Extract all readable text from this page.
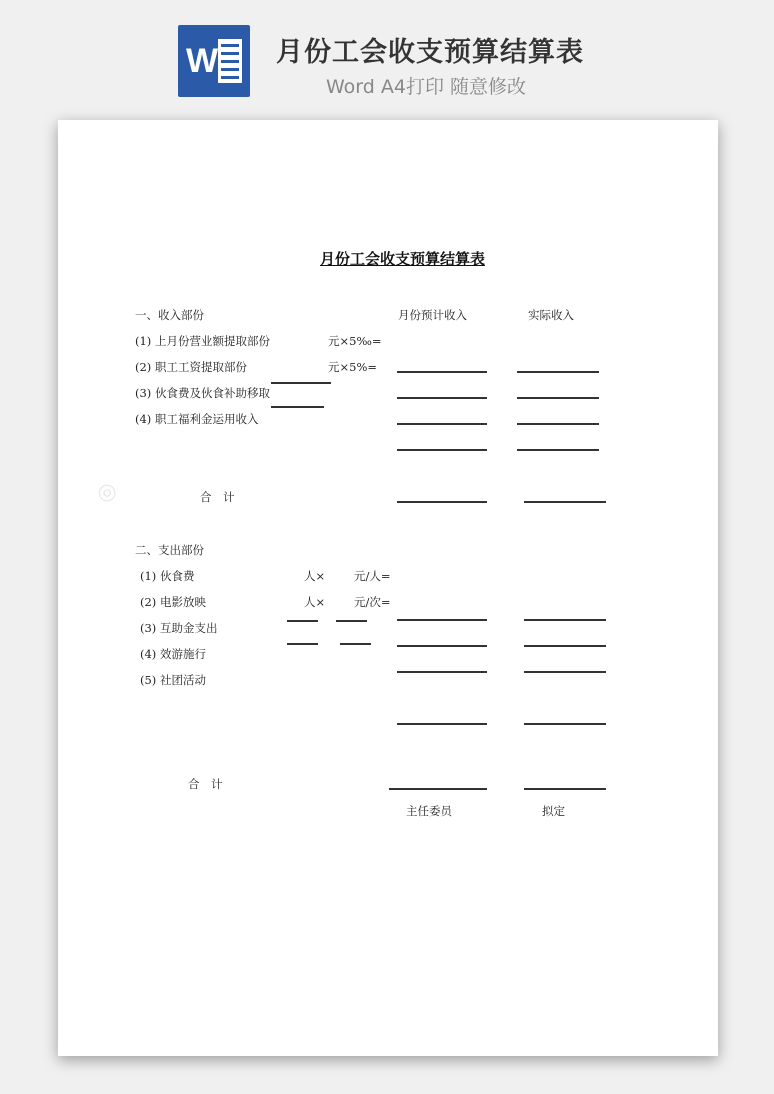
W 月份工会收支预算结算表
Word A4打印 随意修改
◎
月份工会收支预算结算表
一、收入部份	月份预计收入	实际收入
(1) 上月份营业额提取部份	元×5‰=
(2) 职工工资提取部份	元×5%=
(3) 伙食费及伙食补助移取
(4) 职工福利金运用收入
合　计
二、支出部份
(1) 伙食费	人×	元/人=
(2) 电影放映	人×	元/次=
(3) 互助金支出
(4) 效游施行
(5) 社团活动
合　计
主任委员	拟定
